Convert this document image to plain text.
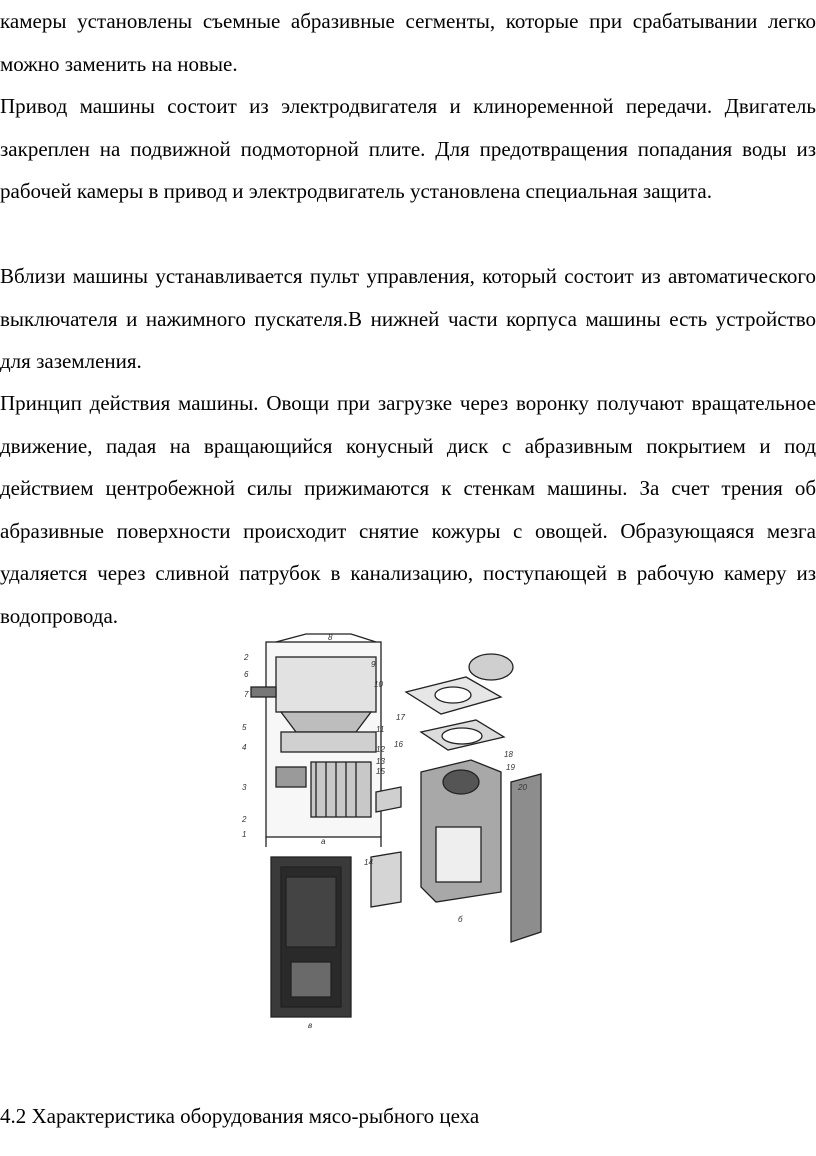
камеры установлены съемные абразивные сегменты, которые при срабатывании легко можно заменить на новые.

Привод машины состоит из электродвигателя и клиноременной передачи. Двигатель закреплен на подвижной подмоторной плите. Для предотвращения попадания воды из рабочей камеры в привод и электродвигатель установлена специальная защита.

Вблизи машины устанавливается пульт управления, который состоит из автоматического выключателя и нажимного пускателя.В нижней части корпуса машины есть устройство для заземления.

Принцип действия машины. Овощи при загрузке через воронку получают вращательное движение, падая на вращающийся конусный диск с абразивным покрытием и под действием центробежной силы прижимаются к стенкам машины. За счет трения об абразивные поверхности происходит снятие кожуры с овощей. Образующаяся мезга удаляется через сливной патрубок в канализацию, поступающей в рабочую камеру из водопровода.

1
2
2
3
4
5
6
7
8
9
10
11
12
13
15
16
17
14
18
19
20
а
б
в

4.2 Характеристика оборудования мясо-рыбного цеха
